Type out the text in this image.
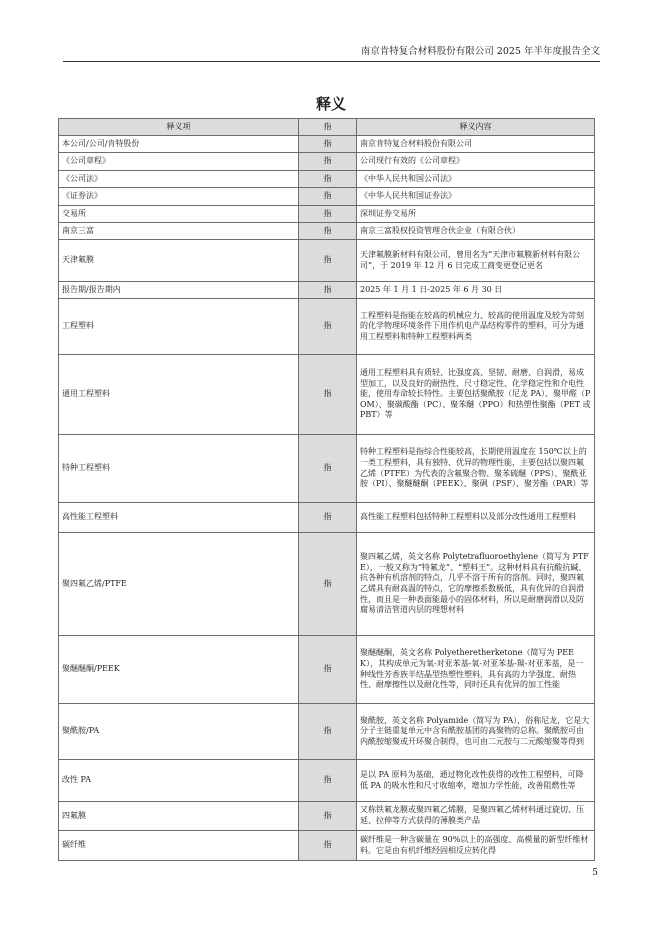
南京肯特复合材料股份有限公司 2025 年半年度报告全文
释义
释义项	指	释义内容
本公司/公司/肯特股份	指	南京肯特复合材料股份有限公司
《公司章程》	指	公司现行有效的《公司章程》
《公司法》	指	《中华人民共和国公司法》
《证券法》	指	《中华人民共和国证券法》
交易所	指	深圳证券交易所
南京三富	指	南京三富股权投资管理合伙企业（有限合伙）
天津氟膜	指	天津氟膜新材料有限公司，曾用名为“天津市氟膜新材料有限公司”，于 2019 年 12 月 6 日完成工商变更登记更名
报告期/报告期内	指	2025 年 1 月 1 日-2025 年 6 月 30 日
工程塑料	指	工程塑料是指能在较高的机械应力、较高的使用温度及较为苛刻的化学物理环境条件下用作机电产品结构零件的塑料，可分为通用工程塑料和特种工程塑料两类
通用工程塑料	指	通用工程塑料具有质轻、比强度高、坚韧、耐磨、自润滑，易成型加工，以及良好的耐热性、尺寸稳定性、化学稳定性和介电性能，使用寿命较长特性。主要包括聚酰胺（尼龙 PA）、聚甲醛（POM）、聚碳酸酯（PC）、聚苯醚（PPO）和热塑性聚酯（PET 或 PBT）等
特种工程塑料	指	特种工程塑料是指综合性能较高，长期使用温度在 150℃以上的一类工程塑料，具有独特、优异的物理性能，主要包括以聚四氟乙烯（PTFE）为代表的含氟聚合物、聚苯硫醚（PPS）、聚酰亚胺（PI）、聚醚醚酮（PEEK）、聚砜（PSF）、聚芳酯（PAR）等
高性能工程塑料	指	高性能工程塑料包括特种工程塑料以及部分改性通用工程塑料
聚四氟乙烯/PTFE	指	聚四氟乙烯，英文名称 Polytetrafluoroethylene（简写为 PTFE），一般又称为“特氟龙”、“塑料王”。这种材料具有抗酸抗碱、抗各种有机溶剂的特点，几乎不溶于所有的溶剂。同时，聚四氟乙烯具有耐高温的特点，它的摩擦系数极低，具有优异的自润滑性，而且是一种表面能最小的固体材料，所以是耐磨润滑以及防腐易清洁管道内层的理想材料
聚醚醚酮/PEEK	指	聚醚醚酮，英文名称 Polyetheretherketone（简写为 PEEK），其构成单元为氧-对亚苯基-氧-对亚苯基-羰-对亚苯基，是一种线性芳香族半结晶型热塑性塑料，具有高的力学强度、耐热性、耐摩擦性以及耐化性等，同时还具有优异的加工性能
聚酰胺/PA	指	聚酰胺，英文名称 Polyamide（简写为 PA），俗称尼龙，它是大分子主链重复单元中含有酰胺基团的高聚物的总称。聚酰胺可由内酰胺缩聚或开环聚合制得，也可由二元胺与二元酸缩聚等得到
改性 PA	指	是以 PA 原料为基础，通过物化改性获得的改性工程塑料，可降低 PA 的吸水性和尺寸收缩率，增加力学性能，改善阻燃性等
四氟膜	指	又称铁氟龙膜或聚四氟乙烯膜，是聚四氟乙烯材料通过旋切、压延、拉伸等方式获得的薄膜类产品
碳纤维	指	碳纤维是一种含碳量在 90%以上的高强度、高模量的新型纤维材料。它是由有机纤维经固相反应转化得
5
